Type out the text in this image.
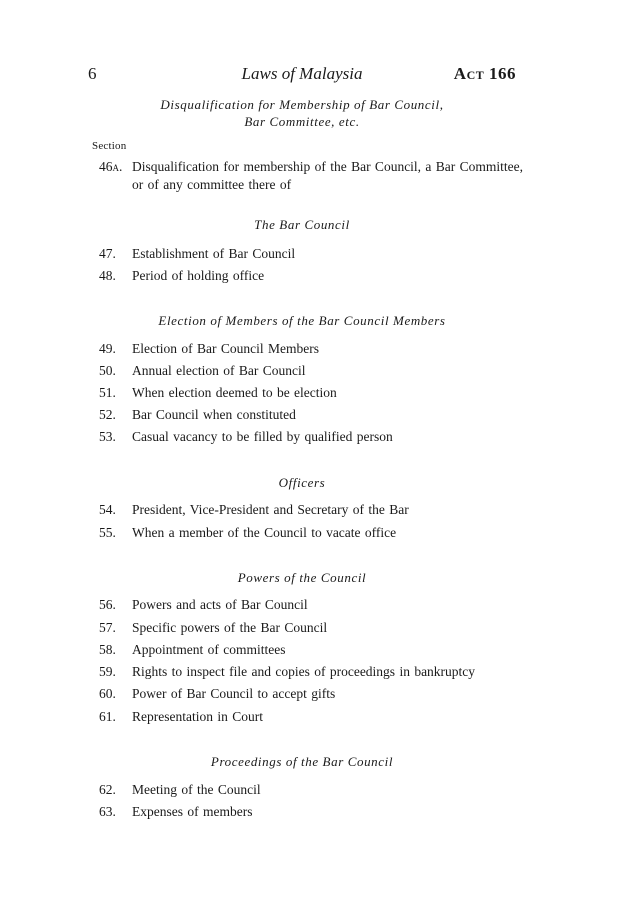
6	Laws of Malaysia	Act 166
Disqualification for Membership of Bar Council,
Bar Committee, etc.
Section
46a. Disqualification for membership of the Bar Council, a Bar Committee, or of any committee there of
The Bar Council
47. Establishment of Bar Council
48. Period of holding office
Election of Members of the Bar Council Members
49. Election of Bar Council Members
50. Annual election of Bar Council
51. When election deemed to be election
52. Bar Council when constituted
53. Casual vacancy to be filled by qualified person
Officers
54. President, Vice-President and Secretary of the Bar
55. When a member of the Council to vacate office
Powers of the Council
56. Powers and acts of Bar Council
57. Specific powers of the Bar Council
58. Appointment of committees
59. Rights to inspect file and copies of proceedings in bankruptcy
60. Power of Bar Council to accept gifts
61. Representation in Court
Proceedings of the Bar Council
62. Meeting of the Council
63. Expenses of members
